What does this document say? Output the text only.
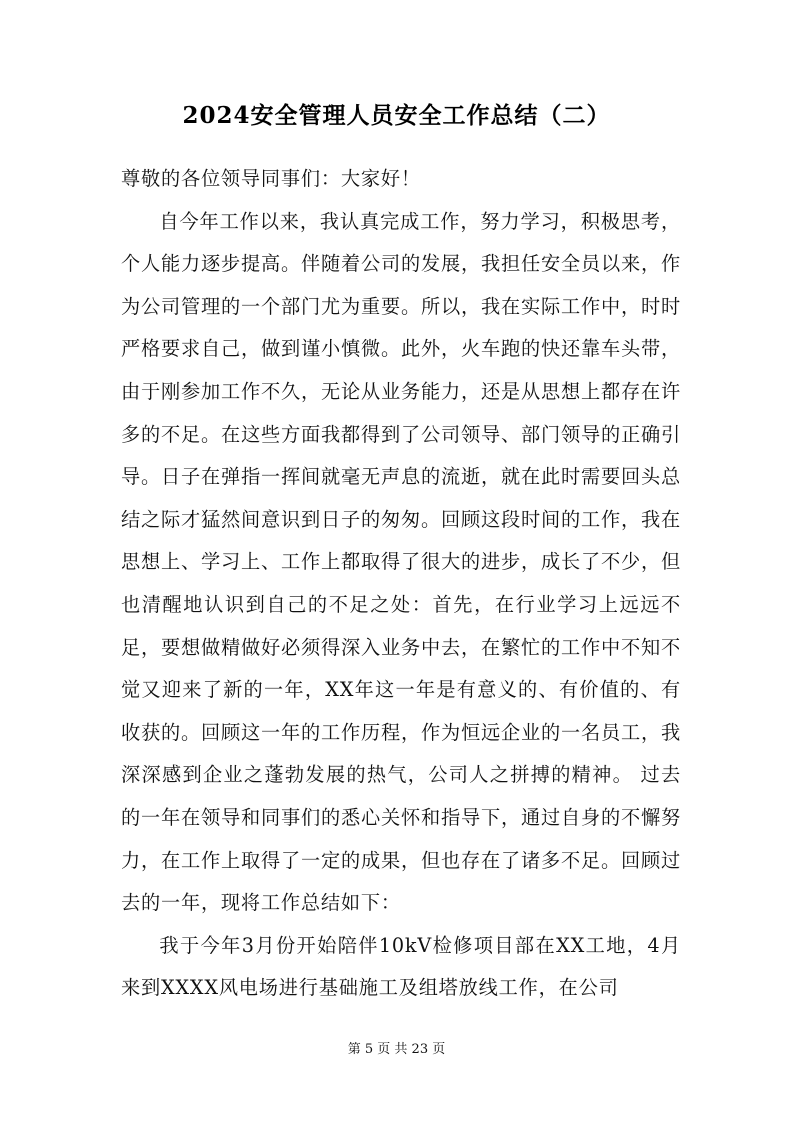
2024安全管理人员安全工作总结（二）

尊敬的各位领导同事们：大家好！

自今年工作以来，我认真完成工作，努力学习，积极思考，个人能力逐步提高。伴随着公司的发展，我担任安全员以来，作为公司管理的一个部门尤为重要。所以，我在实际工作中，时时严格要求自己，做到谨小慎微。此外，火车跑的快还靠车头带，由于刚参加工作不久，无论从业务能力，还是从思想上都存在许多的不足。在这些方面我都得到了公司领导、部门领导的正确引导。日子在弹指一挥间就毫无声息的流逝，就在此时需要回头总结之际才猛然间意识到日子的匆匆。回顾这段时间的工作，我在思想上、学习上、工作上都取得了很大的进步，成长了不少，但也清醒地认识到自己的不足之处：首先，在行业学习上远远不足，要想做精做好必须得深入业务中去，在繁忙的工作中不知不觉又迎来了新的一年，XX年这一年是有意义的、有价值的、有收获的。回顾这一年的工作历程，作为恒远企业的一名员工，我深深感到企业之蓬勃发展的热气，公司人之拼搏的精神。 过去的一年在领导和同事们的悉心关怀和指导下，通过自身的不懈努力，在工作上取得了一定的成果，但也存在了诸多不足。回顾过去的一年，现将工作总结如下：

我于今年3月份开始陪伴10kV检修项目部在XX工地，4月来到XXXX风电场进行基础施工及组塔放线工作，在公司

第 5 页 共 23 页
